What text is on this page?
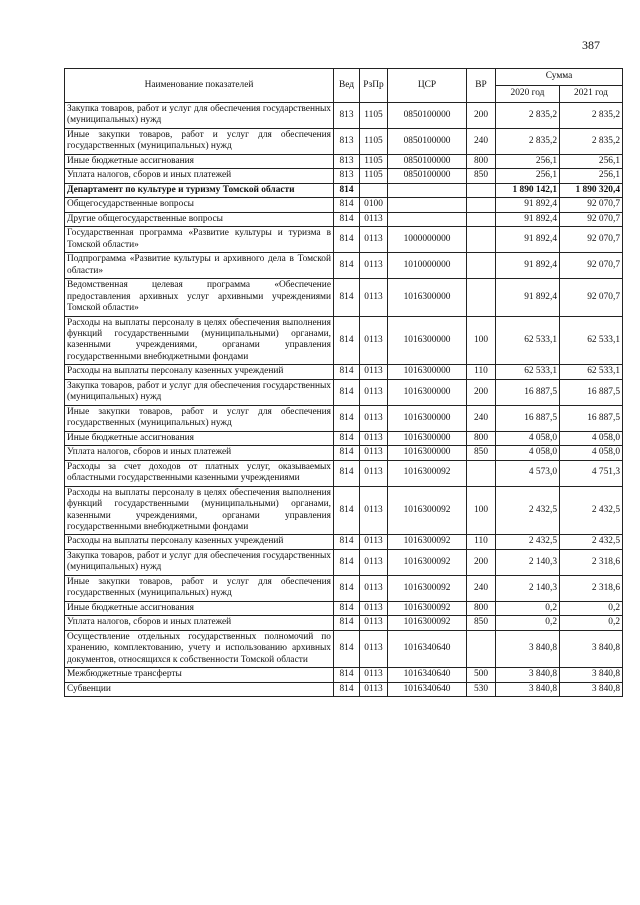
387
Наименование показателей	Вед	РзПр	ЦСР	ВР	Сумма	
					2020 год	2021 год
Закупка товаров, работ и услуг для обеспечения государственных (муниципальных) нужд	813	1105	0850100000	200	2 835,2	2 835,2
Иные закупки товаров, работ и услуг для обеспечения государственных (муниципальных) нужд	813	1105	0850100000	240	2 835,2	2 835,2
Иные бюджетные ассигнования	813	1105	0850100000	800	256,1	256,1
Уплата налогов, сборов и иных платежей	813	1105	0850100000	850	256,1	256,1
Департамент по культуре и туризму Томской области	814				1 890 142,1	1 890 320,4
Общегосударственные вопросы	814	0100			91 892,4	92 070,7
Другие общегосударственные вопросы	814	0113			91 892,4	92 070,7
Государственная программа «Развитие культуры и туризма в Томской области»	814	0113	1000000000		91 892,4	92 070,7
Подпрограмма «Развитие культуры и архивного дела в Томской области»	814	0113	1010000000		91 892,4	92 070,7
Ведомственная целевая программа «Обеспечение предоставления архивных услуг архивными учреждениями Томской области»	814	0113	1016300000		91 892,4	92 070,7
Расходы на выплаты персоналу в целях обеспечения выполнения функций государственными (муниципальными) органами, казенными учреждениями, органами управления государственными внебюджетными фондами	814	0113	1016300000	100	62 533,1	62 533,1
Расходы на выплаты персоналу казенных учреждений	814	0113	1016300000	110	62 533,1	62 533,1
Закупка товаров, работ и услуг для обеспечения государственных (муниципальных) нужд	814	0113	1016300000	200	16 887,5	16 887,5
Иные закупки товаров, работ и услуг для обеспечения государственных (муниципальных) нужд	814	0113	1016300000	240	16 887,5	16 887,5
Иные бюджетные ассигнования	814	0113	1016300000	800	4 058,0	4 058,0
Уплата налогов, сборов и иных платежей	814	0113	1016300000	850	4 058,0	4 058,0
Расходы за счет доходов от платных услуг, оказываемых областными государственными казенными учреждениями	814	0113	1016300092		4 573,0	4 751,3
Расходы на выплаты персоналу в целях обеспечения выполнения функций государственными (муниципальными) органами, казенными учреждениями, органами управления государственными внебюджетными фондами	814	0113	1016300092	100	2 432,5	2 432,5
Расходы на выплаты персоналу казенных учреждений	814	0113	1016300092	110	2 432,5	2 432,5
Закупка товаров, работ и услуг для обеспечения государственных (муниципальных) нужд	814	0113	1016300092	200	2 140,3	2 318,6
Иные закупки товаров, работ и услуг для обеспечения государственных (муниципальных) нужд	814	0113	1016300092	240	2 140,3	2 318,6
Иные бюджетные ассигнования	814	0113	1016300092	800	0,2	0,2
Уплата налогов, сборов и иных платежей	814	0113	1016300092	850	0,2	0,2
Осуществление отдельных государственных полномочий по хранению, комплектованию, учету и использованию архивных документов, относящихся к собственности Томской области	814	0113	1016340640		3 840,8	3 840,8
Межбюджетные трансферты	814	0113	1016340640	500	3 840,8	3 840,8
Субвенции	814	0113	1016340640	530	3 840,8	3 840,8
